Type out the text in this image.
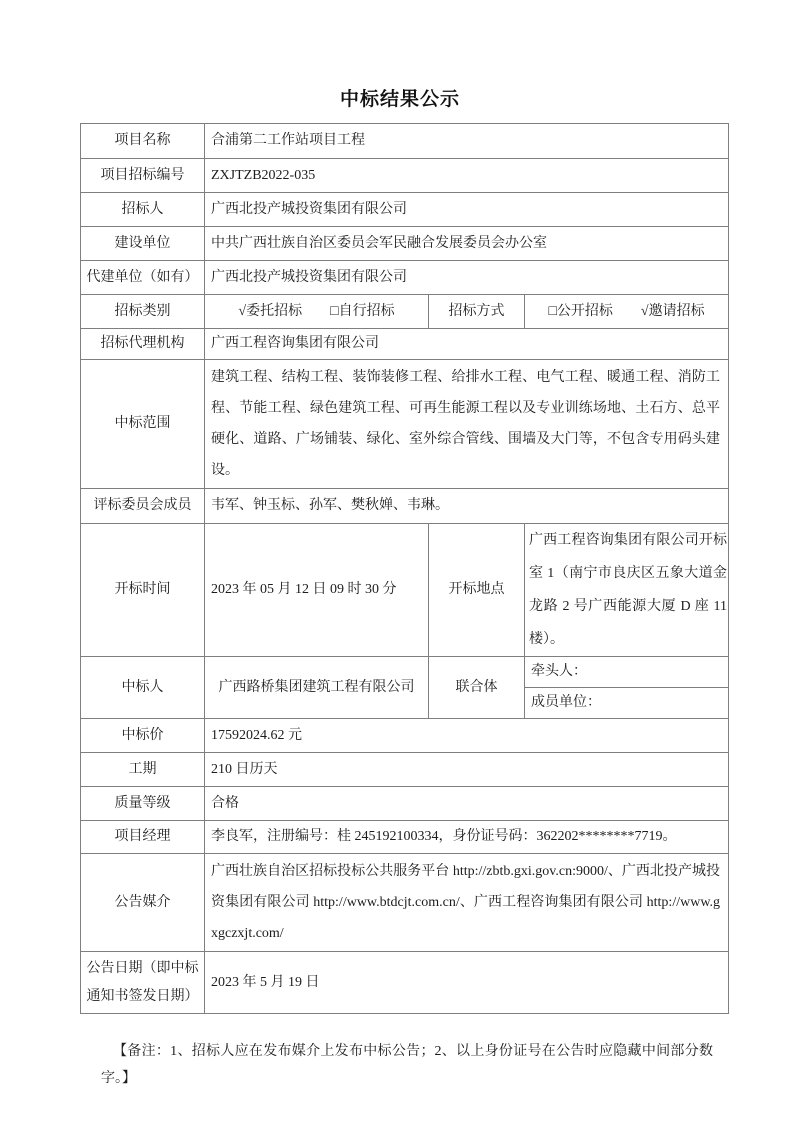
中标结果公示
项目名称	合浦第二工作站项目工程		
项目招标编号	ZXJTZB2022-035		
招标人	广西北投产城投资集团有限公司		
建设单位	中共广西壮族自治区委员会军民融合发展委员会办公室		
代建单位（如有）	广西北投产城投资集团有限公司		
招标类别	√委托招标 □自行招标	招标方式	□公开招标 √邀请招标
招标代理机构	广西工程咨询集团有限公司		
中标范围	建筑工程、结构工程、装饰装修工程、给排水工程、电气工程、暖通工程、消防工程、节能工程、绿色建筑工程、可再生能源工程以及专业训练场地、土石方、总平硬化、道路、广场铺装、绿化、室外综合管线、围墙及大门等，不包含专用码头建设。		
评标委员会成员	韦军、钟玉标、孙军、樊秋婵、韦琳。		
开标时间	2023 年 05 月 12 日 09 时 30 分	开标地点	广西工程咨询集团有限公司开标室 1（南宁市良庆区五象大道金龙路 2 号广西能源大厦 D 座 11 楼）。
中标人	广西路桥集团建筑工程有限公司	联合体	牵头人：
			成员单位：
中标价	17592024.62 元		
工期	210 日历天		
质量等级	合格		
项目经理	李良军，注册编号：桂 245192100334，身份证号码：362202********7719。		
公告媒介	广西壮族自治区招标投标公共服务平台 http://zbtb.gxi.gov.cn:9000/、广西北投产城投资集团有限公司 http://www.btdcjt.com.cn/、广西工程咨询集团有限公司 http://www.gxgczxjt.com/		
公告日期（即中标通知书签发日期）	2023 年 5 月 19 日		

【备注：1、招标人应在发布媒介上发布中标公告；2、以上身份证号在公告时应隐藏中间部分数字。】
